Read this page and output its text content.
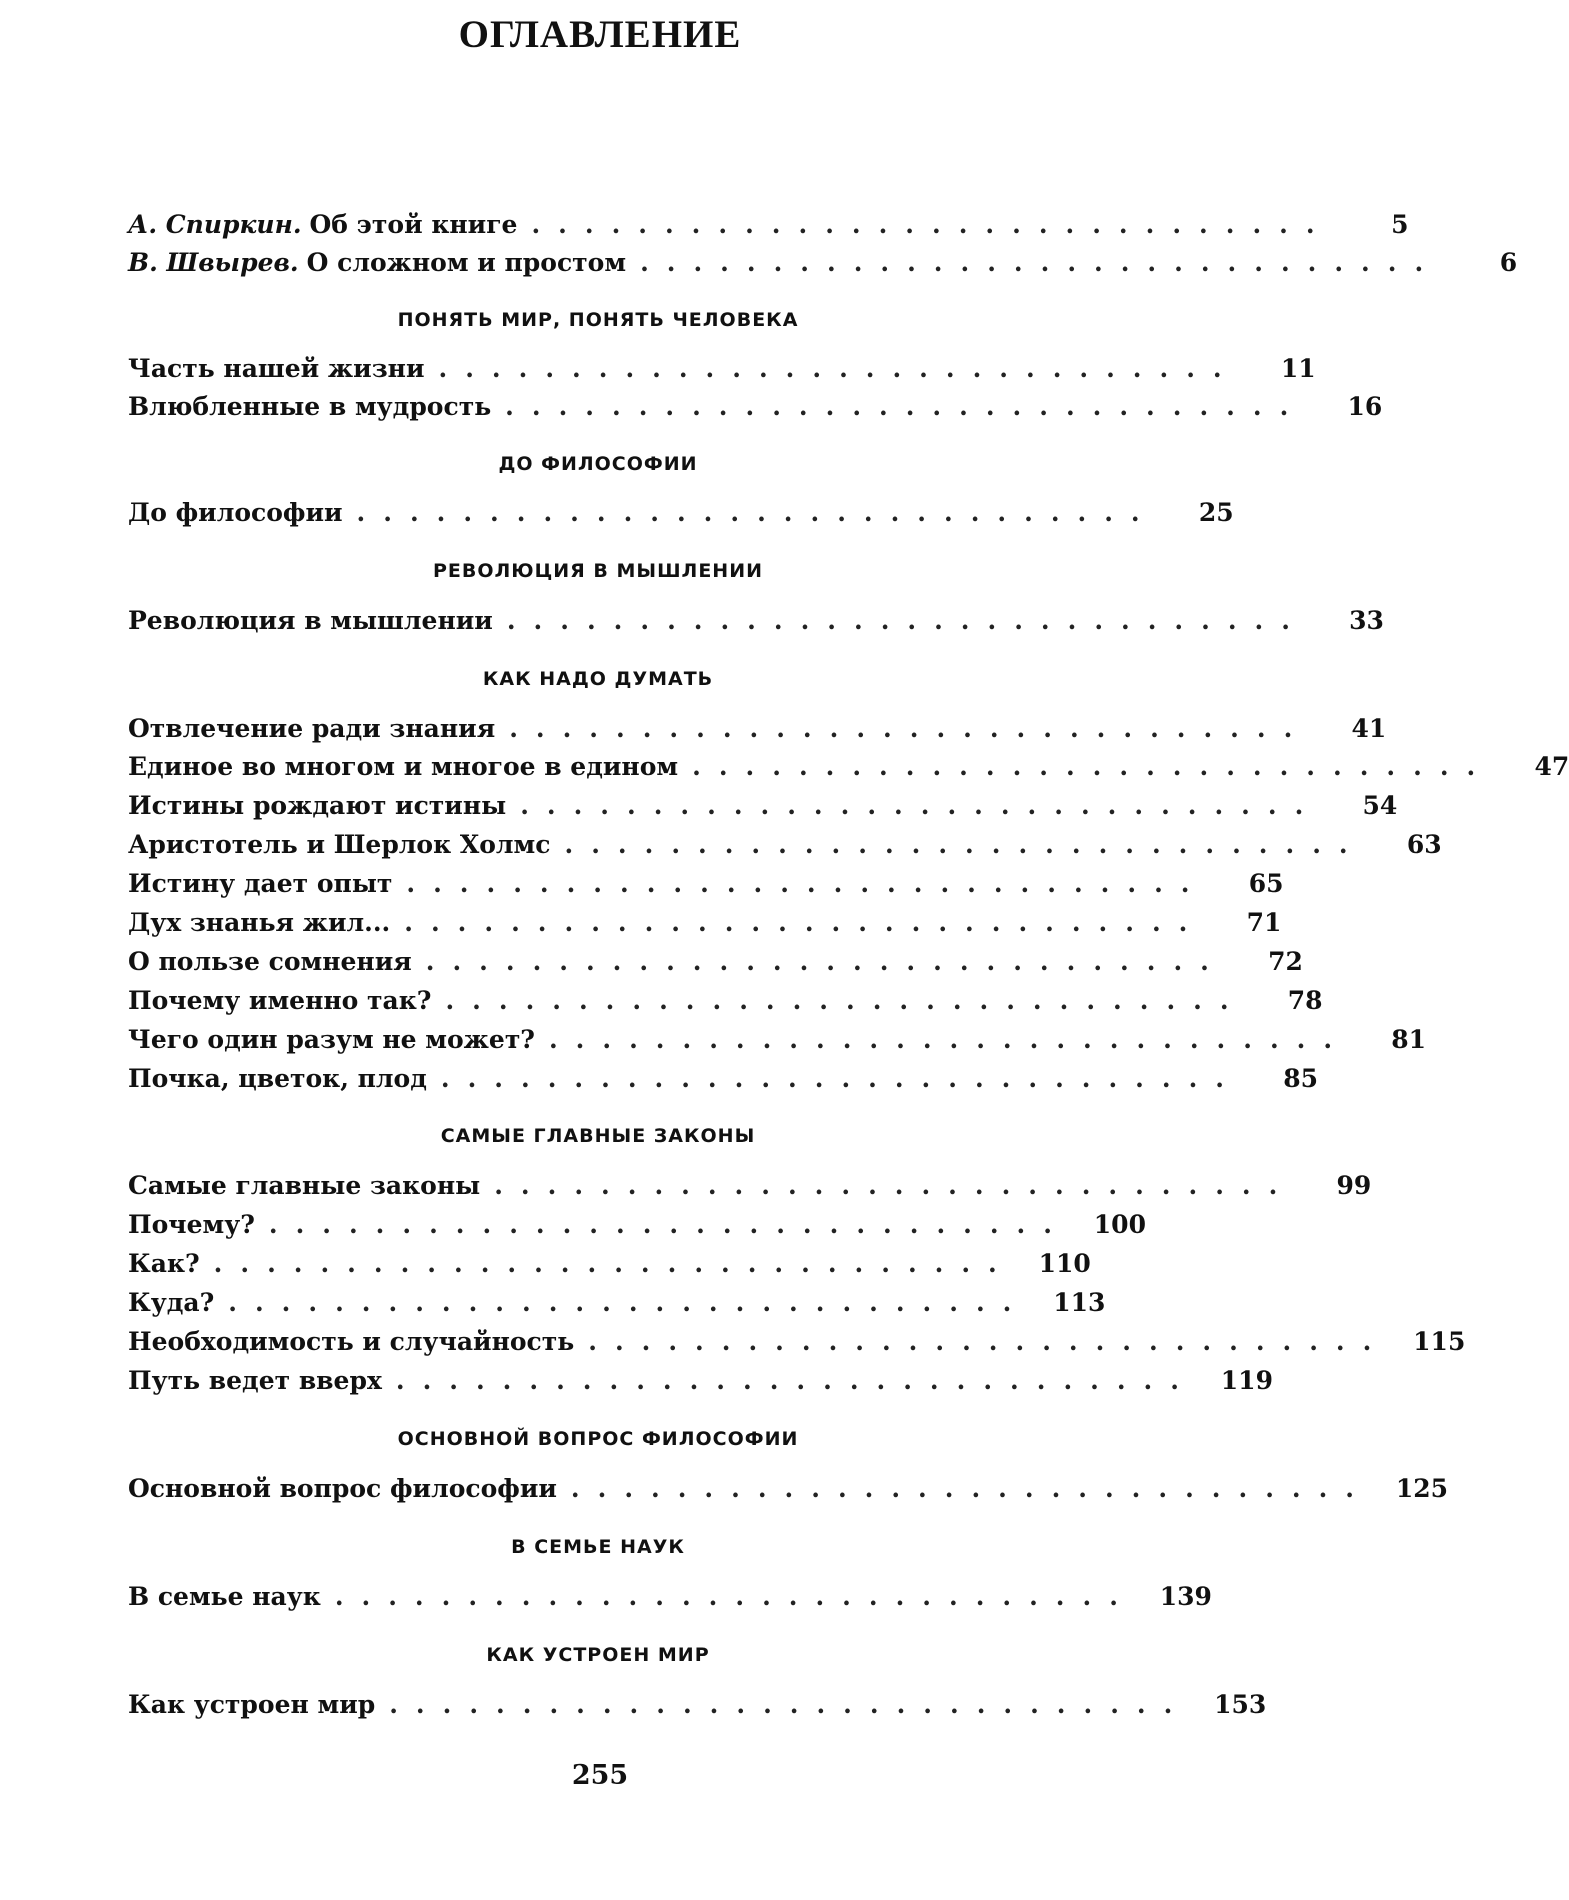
ОГЛАВЛЕНИЕ
А. Спиркин. Об этой книге ..............................	5
В. Швырев. О сложном и простом ..............................	6
ПОНЯТЬ МИР, ПОНЯТЬ ЧЕЛОВЕКА
Часть нашей жизни ..............................	11
Влюбленные в мудрость ..............................	16
ДО ФИЛОСОФИИ
До философии ..............................	25
РЕВОЛЮЦИЯ В МЫШЛЕНИИ
Революция в мышлении ..............................	33
КАК НАДО ДУМАТЬ
Отвлечение ради знания ..............................	41
Единое во многом и многое в едином ..............................	47
Истины рождают истины ..............................	54
Аристотель и Шерлок Холмс ..............................	63
Истину дает опыт ..............................	65
Дух знанья жил... ..............................	71
О пользе сомнения ..............................	72
Почему именно так? ..............................	78
Чего один разум не может? ..............................	81
Почка, цветок, плод ..............................	85
САМЫЕ ГЛАВНЫЕ ЗАКОНЫ
Самые главные законы ..............................	99
Почему? .............................. 100
Как? .............................. 110
Куда? .............................. 113
Необходимость и случайность .............................. 115
Путь ведет вверх .............................. 119
ОСНОВНОЙ ВОПРОС ФИЛОСОФИИ
Основной вопрос философии .............................. 125
В СЕМЬЕ НАУК
В семье наук .............................. 139
КАК УСТРОЕН МИР
Как устроен мир .............................. 153
255
